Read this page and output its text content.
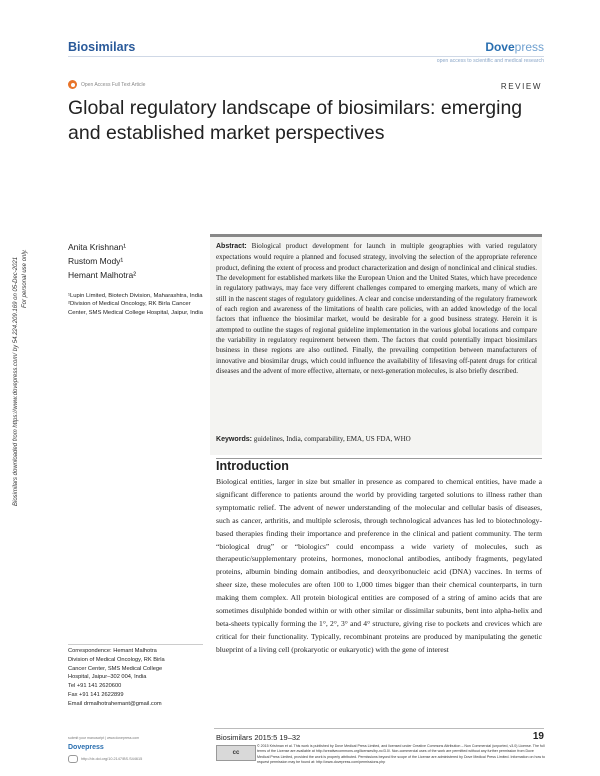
Biosimilars	Dovepress
open access to scientific and medical research
Open Access Full Text Article	REVIEW
Global regulatory landscape of biosimilars: emerging and established market perspectives
Biosimilars downloaded from https://www.dovepress.com/ by 54.224.209.169 on 05-Dec-2021 For personal use only.
Anita Krishnan¹
Rustom Mody¹
Hemant Malhotra²
¹Lupin Limited, Biotech Division, Maharashtra, India ²Division of Medical Oncology, RK Birla Cancer Center, SMS Medical College Hospital, Jaipur, India
Abstract: Biological product development for launch in multiple geographies with varied regulatory expectations would require a planned and focused strategy, involving the selection of the appropriate reference product, defining the extent of process and product characterization and design of nonclinical and clinical studies. The development for established markets like the European Union and the United States, which have precedence in regulatory pathways, may face very different challenges compared to emerging markets, many of which are still in the nascent stages of regulatory guidelines. A clear and concise understanding of the regulatory framework of each region and awareness of the limitations of health care policies, with an added knowledge of the local factors that influence the biosimilar market, would be desirable for a good business strategy. Herein it is attempted to outline the stages of regional guideline implementation in the various global locations and compare the variability in regulatory requirement between them. The factors that could potentially impact biosimilars business in these regions are also outlined. Finally, the prevailing competition between manufacturers of innovative and biosimilar drugs, which could influence the availability of lifesaving off-patent drugs for critical diseases and the advent of more effective, alternate, or next-generation molecules, is also briefly described.
Keywords: guidelines, India, comparability, EMA, US FDA, WHO
Introduction
Biological entities, larger in size but smaller in presence as compared to chemical entities, have made a significant difference to patients around the world by providing targeted solutions to illness rather than symptomatic relief. The advent of newer understanding of the molecular and cellular basis of diseases, such as cancer, arthritis, and multiple sclerosis, through technological advances has led to biotechnology-based therapies finding their importance and preference in the clinical and patient community. The term “biological drug” or “biologics” could encompass a wide variety of molecules, such as therapeutic/supplementary proteins, hormones, monoclonal antibodies, antibody fragments, pegylated proteins, albumin binding domain antibodies, and deoxyribonucleic acid (DNA) vaccines. In terms of sheer size, these molecules are often 100 to 1,000 times bigger than their chemical counterparts, in turn making them complex. All protein biological entities are composed of a string of amino acids that are sometimes disulphide bonded within or with other similar or dissimilar subunits, bent into alpha-helix and beta-sheets typically forming the 1°, 2°, 3° and 4° structure, giving rise to pockets and crevices which are critical for their functionality. Typically, recombinant proteins are produced by manipulating the genetic blueprint of a living cell (prokaryotic or eukaryotic) with the gene of interest
Correspondence: Hemant Malhotra
Division of Medical Oncology, RK Birla
Cancer Center, SMS Medical College
Hospital, Jaipur–302 004, India
Tel +91 141 2620600
Fax +91 141 2622899
Email drmalhotrahemant@gmail.com
submit your manuscript | www.dovepress.com
Dovepress
http://dx.doi.org/10.2147/BS.S44615
Biosimilars 2015:5 19–32	19
cc
© 2015 Krishnan et al. This work is published by Dove Medical Press Limited, and licensed under Creative Commons Attribution – Non Commercial (unported, v3.0) License. The full terms of the License are available at http://creativecommons.org/licenses/by-nc/3.0/. Non-commercial uses of the work are permitted without any further permission from Dove Medical Press Limited, provided the work is properly attributed. Permissions beyond the scope of the License are administered by Dove Medical Press Limited. Information on how to request permission may be found at: http://www.dovepress.com/permissions.php
